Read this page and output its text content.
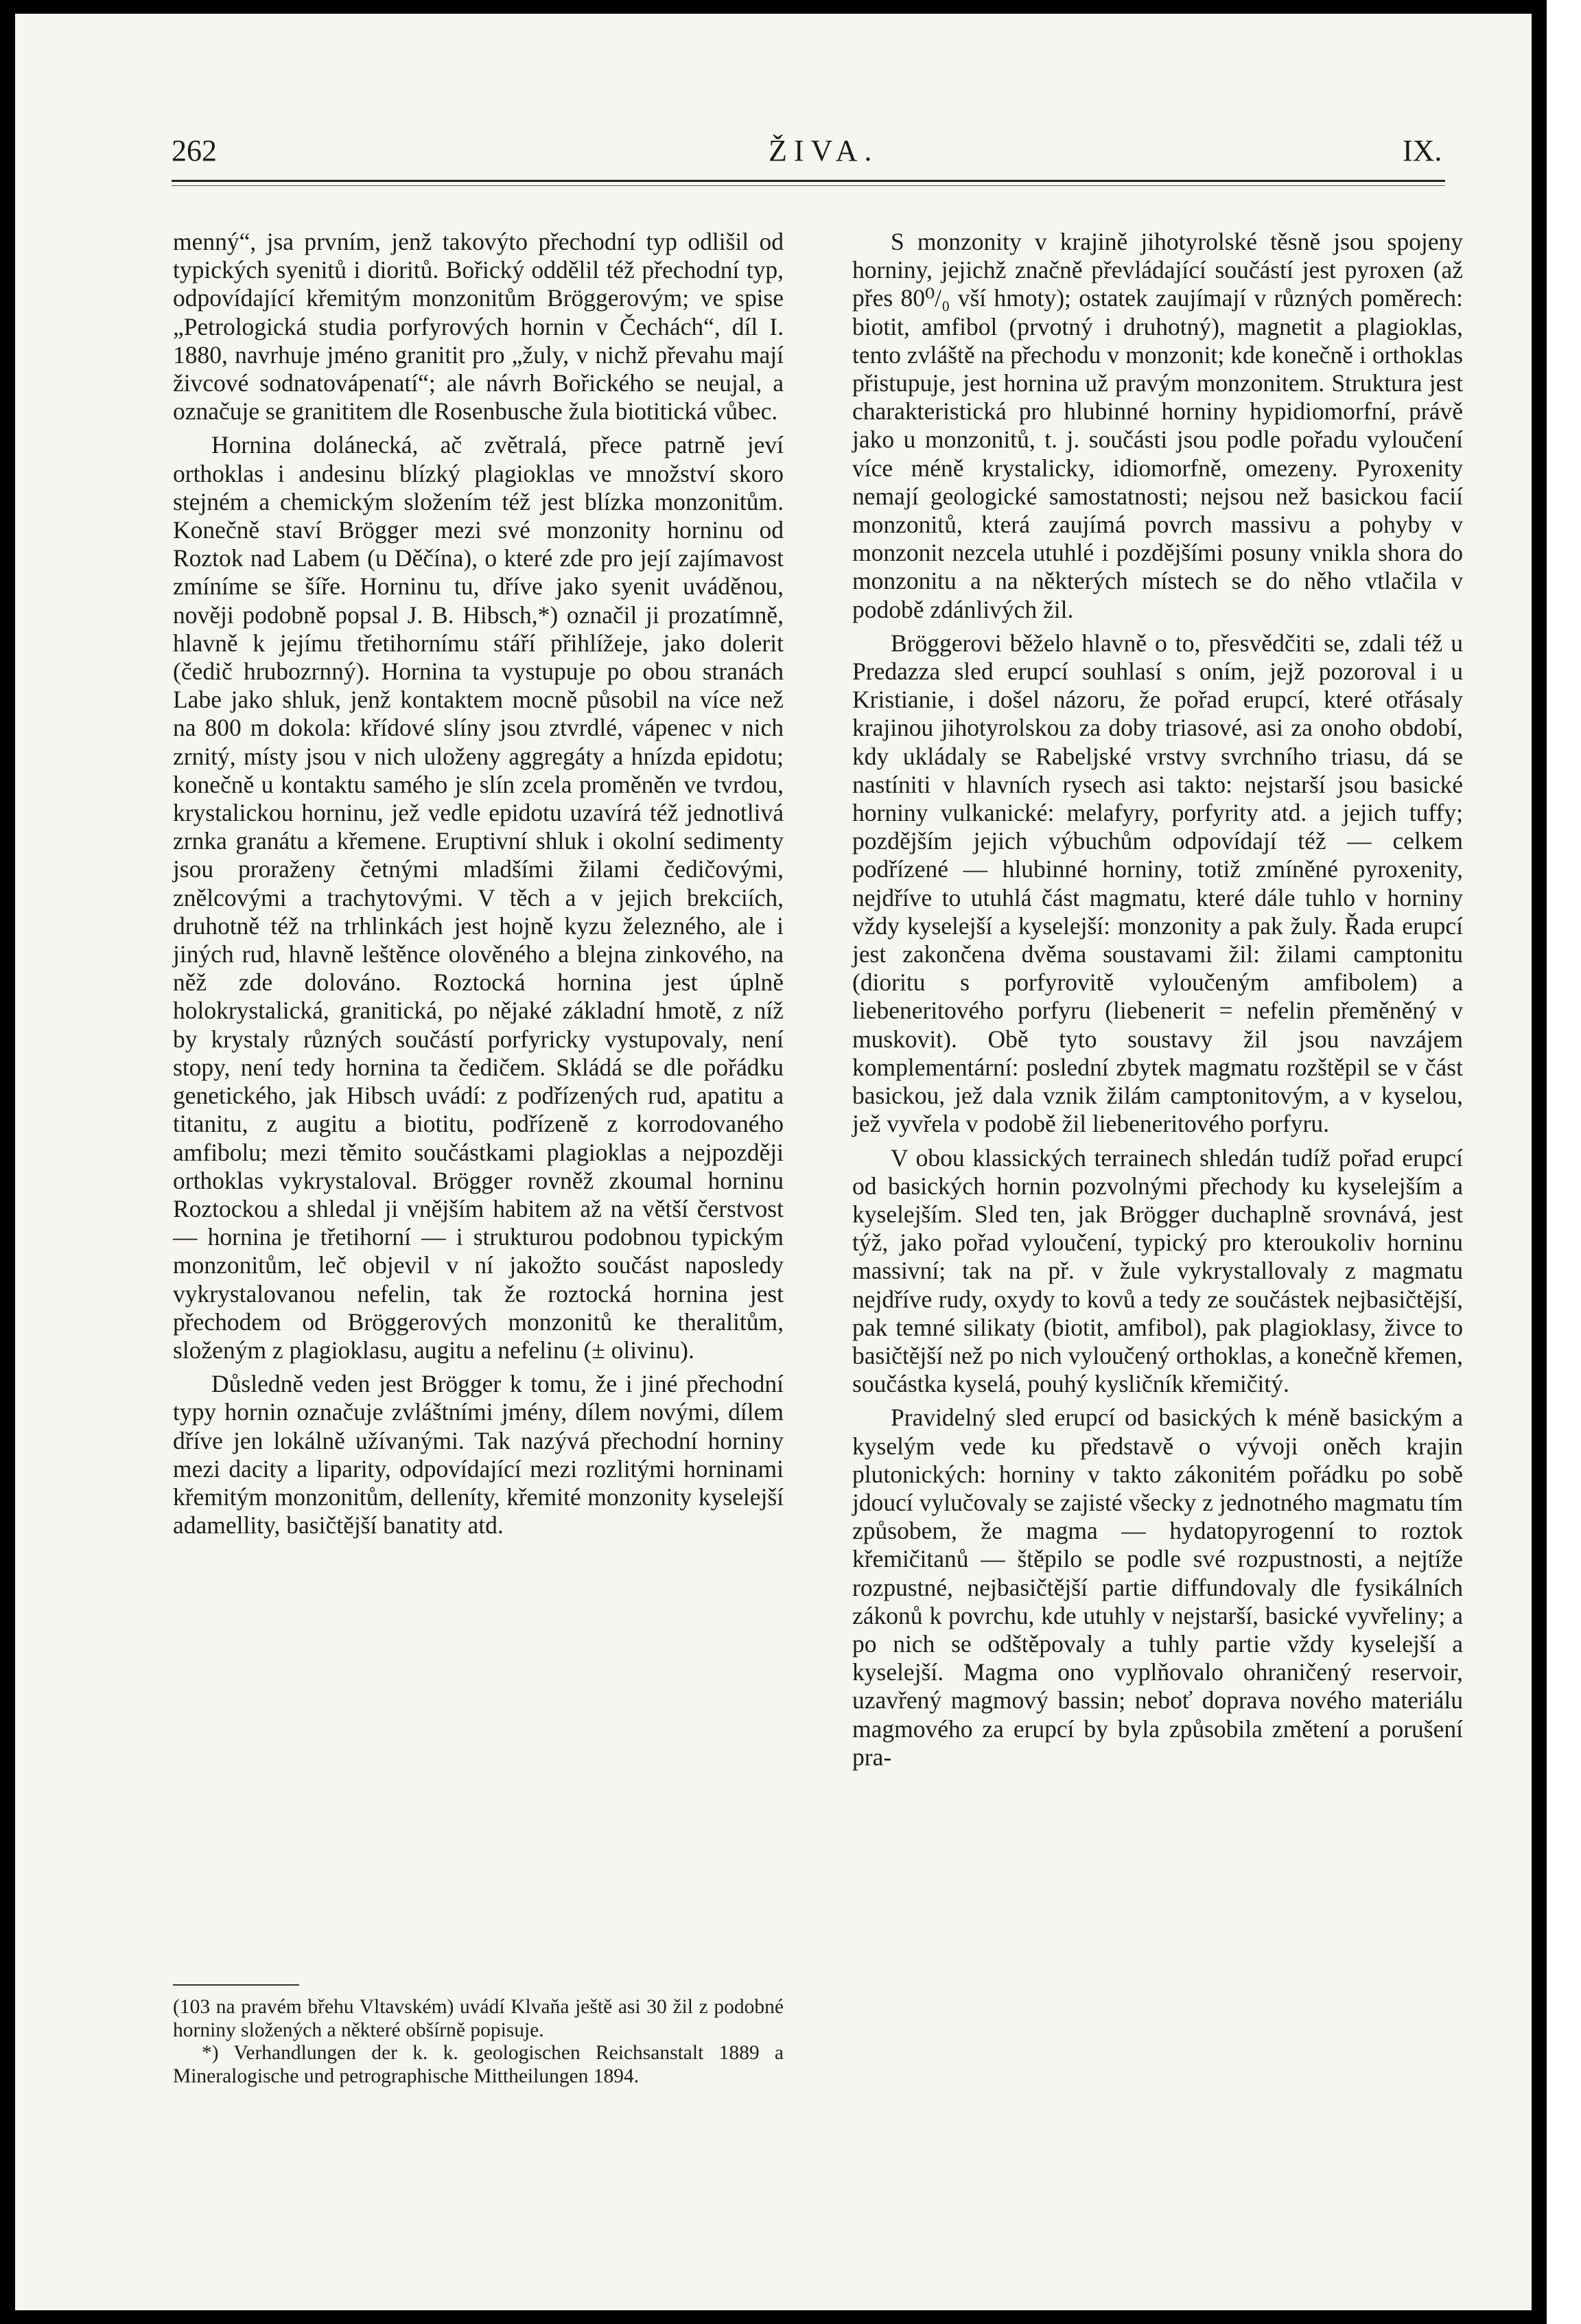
262	ŽIVA.	IX.

menný“, jsa prvním, jenž takovýto přechodní typ odlišil od typických syenitů i dioritů. Bořický oddělil též přechodní typ, odpovídající křemitým monzonitům Bröggerovým; ve spise „Petrologická studia porfyrových hornin v Čechách“, díl I. 1880, navrhuje jméno granitit pro „žuly, v nichž převahu mají živcové sodnatovápenatí“; ale návrh Bořického se neujal, a označuje se granititem dle Rosenbusche žula biotitická vůbec.

Hornina dolánecká, ač zvětralá, přece patrně jeví orthoklas i andesinu blízký plagioklas ve množství skoro stejném a chemickým složením též jest blízka monzonitům. Konečně staví Brögger mezi své monzonity horninu od Roztok nad Labem (u Děčína), o které zde pro její zajímavost zmíníme se šíře. Horninu tu, dříve jako syenit uváděnou, nověji podobně popsal J. B. Hibsch,*) označil ji prozatímně, hlavně k jejímu třetihornímu stáří přihlížeje, jako dolerit (čedič hrubozrnný). Hornina ta vystupuje po obou stranách Labe jako shluk, jenž kontaktem mocně působil na více než na 800 m dokola: křídové slíny jsou ztvrdlé, vápenec v nich zrnitý, místy jsou v nich uloženy aggregáty a hnízda epidotu; konečně u kontaktu samého je slín zcela proměněn ve tvrdou, krystalickou horninu, jež vedle epidotu uzavírá též jednotlivá zrnka granátu a křemene. Eruptivní shluk i okolní sedimenty jsou proraženy četnými mladšími žilami čedičovými, znělcovými a trachytovými. V těch a v jejich brekciích, druhotně též na trhlinkách jest hojně kyzu železného, ale i jiných rud, hlavně leštěnce olověného a blejna zinkového, na něž zde dolováno. Roztocká hornina jest úplně holokrystalická, granitická, po nějaké základní hmotě, z níž by krystaly různých součástí porfyricky vystupovaly, není stopy, není tedy hornina ta čedičem. Skládá se dle pořádku genetického, jak Hibsch uvádí: z podřízených rud, apatitu a titanitu, z augitu a biotitu, podřízeně z korrodovaného amfibolu; mezi těmito součástkami plagioklas a nejpozději orthoklas vykrystaloval. Brögger rovněž zkoumal horninu Roztockou a shledal ji vnějším habitem až na větší čerstvost — hornina je třetihorní — i strukturou podobnou typickým monzonitům, leč objevil v ní jakožto součást naposledy vykrystalovanou nefelin, tak že roztocká hornina jest přechodem od Bröggerových monzonitů ke theralitům, složeným z plagioklasu, augitu a nefelinu (± olivinu).

Důsledně veden jest Brögger k tomu, že i jiné přechodní typy hornin označuje zvláštními jmény, dílem novými, dílem dříve jen lokálně užívanými. Tak nazývá přechodní horniny mezi dacity a liparity, odpovídající mezi rozlitými horninami křemitým monzonitům, delleníty, křemité monzonity kyselejší adamellity, basičtější banatity atd.

(103 na pravém břehu Vltavském) uvádí Klvaňa ještě asi 30 žil z podobné horniny složených a některé obšírně popisuje.

*) Verhandlungen der k. k. geologischen Reichsanstalt 1889 a Mineralogische und petrographische Mittheilungen 1894.

S monzonity v krajině jihotyrolské těsně jsou spojeny horniny, jejichž značně převládající součástí jest pyroxen (až přes 80⁰/₀ vší hmoty); ostatek zaujímají v různých poměrech: biotit, amfibol (prvotný i druhotný), magnetit a plagioklas, tento zvláště na přechodu v monzonit; kde konečně i orthoklas přistupuje, jest hornina už pravým monzonitem. Struktura jest charakteristická pro hlubinné horniny hypidiomorfní, právě jako u monzonitů, t. j. součásti jsou podle pořadu vyloučení více méně krystalicky, idiomorfně, omezeny. Pyroxenity nemají geologické samostatnosti; nejsou než basickou facií monzonitů, která zaujímá povrch massivu a pohyby v monzonit nezcela utuhlé i pozdějšími posuny vnikla shora do monzonitu a na některých místech se do něho vtlačila v podobě zdánlivých žil.

Bröggerovi běželo hlavně o to, přesvědčiti se, zdali též u Predazza sled erupcí souhlasí s oním, jejž pozoroval i u Kristianie, i došel názoru, že pořad erupcí, které otřásaly krajinou jihotyrolskou za doby triasové, asi za onoho období, kdy ukládaly se Rabeljské vrstvy svrchního triasu, dá se nastíniti v hlavních rysech asi takto: nejstarší jsou basické horniny vulkanické: melafyry, porfyrity atd. a jejich tuffy; pozdějším jejich výbuchům odpovídají též — celkem podřízené — hlubinné horniny, totiž zmíněné pyroxenity, nejdříve to utuhlá část magmatu, které dále tuhlo v horniny vždy kyselejší a kyselejší: monzonity a pak žuly. Řada erupcí jest zakončena dvěma soustavami žil: žilami camptonitu (dioritu s porfyrovitě vyloučeným amfibolem) a liebeneritového porfyru (liebenerit = nefelin přeměněný v muskovit). Obě tyto soustavy žil jsou navzájem komplementární: poslední zbytek magmatu rozštěpil se v část basickou, jež dala vznik žilám camptonitovým, a v kyselou, jež vyvřela v podobě žil liebeneritového porfyru.

V obou klassických terrainech shledán tudíž pořad erupcí od basických hornin pozvolnými přechody ku kyselejším a kyselejším. Sled ten, jak Brögger duchaplně srovnává, jest týž, jako pořad vyloučení, typický pro kteroukoliv horninu massivní; tak na př. v žule vykrystallovaly z magmatu nejdříve rudy, oxydy to kovů a tedy ze součástek nejbasičtější, pak temné silikaty (biotit, amfibol), pak plagioklasy, živce to basičtější než po nich vyloučený orthoklas, a konečně křemen, součástka kyselá, pouhý kysličník křemičitý.

Pravidelný sled erupcí od basických k méně basickým a kyselým vede ku představě o vývoji oněch krajin plutonických: horniny v takto zákonitém pořádku po sobě jdoucí vylučovaly se zajisté všecky z jednotného magmatu tím způsobem, že magma — hydatopyrogenní to roztok křemičitanů — štěpilo se podle své rozpustnosti, a nejtíže rozpustné, nejbasičtější partie diffundovaly dle fysikálních zákonů k povrchu, kde utuhly v nejstarší, basické vyvřeliny; a po nich se odštěpovaly a tuhly partie vždy kyselejší a kyselejší. Magma ono vyplňovalo ohraničený reservoir, uzavřený magmový bassin; neboť doprava nového materiálu magmového za erupcí by byla způsobila změtení a porušení pra-
